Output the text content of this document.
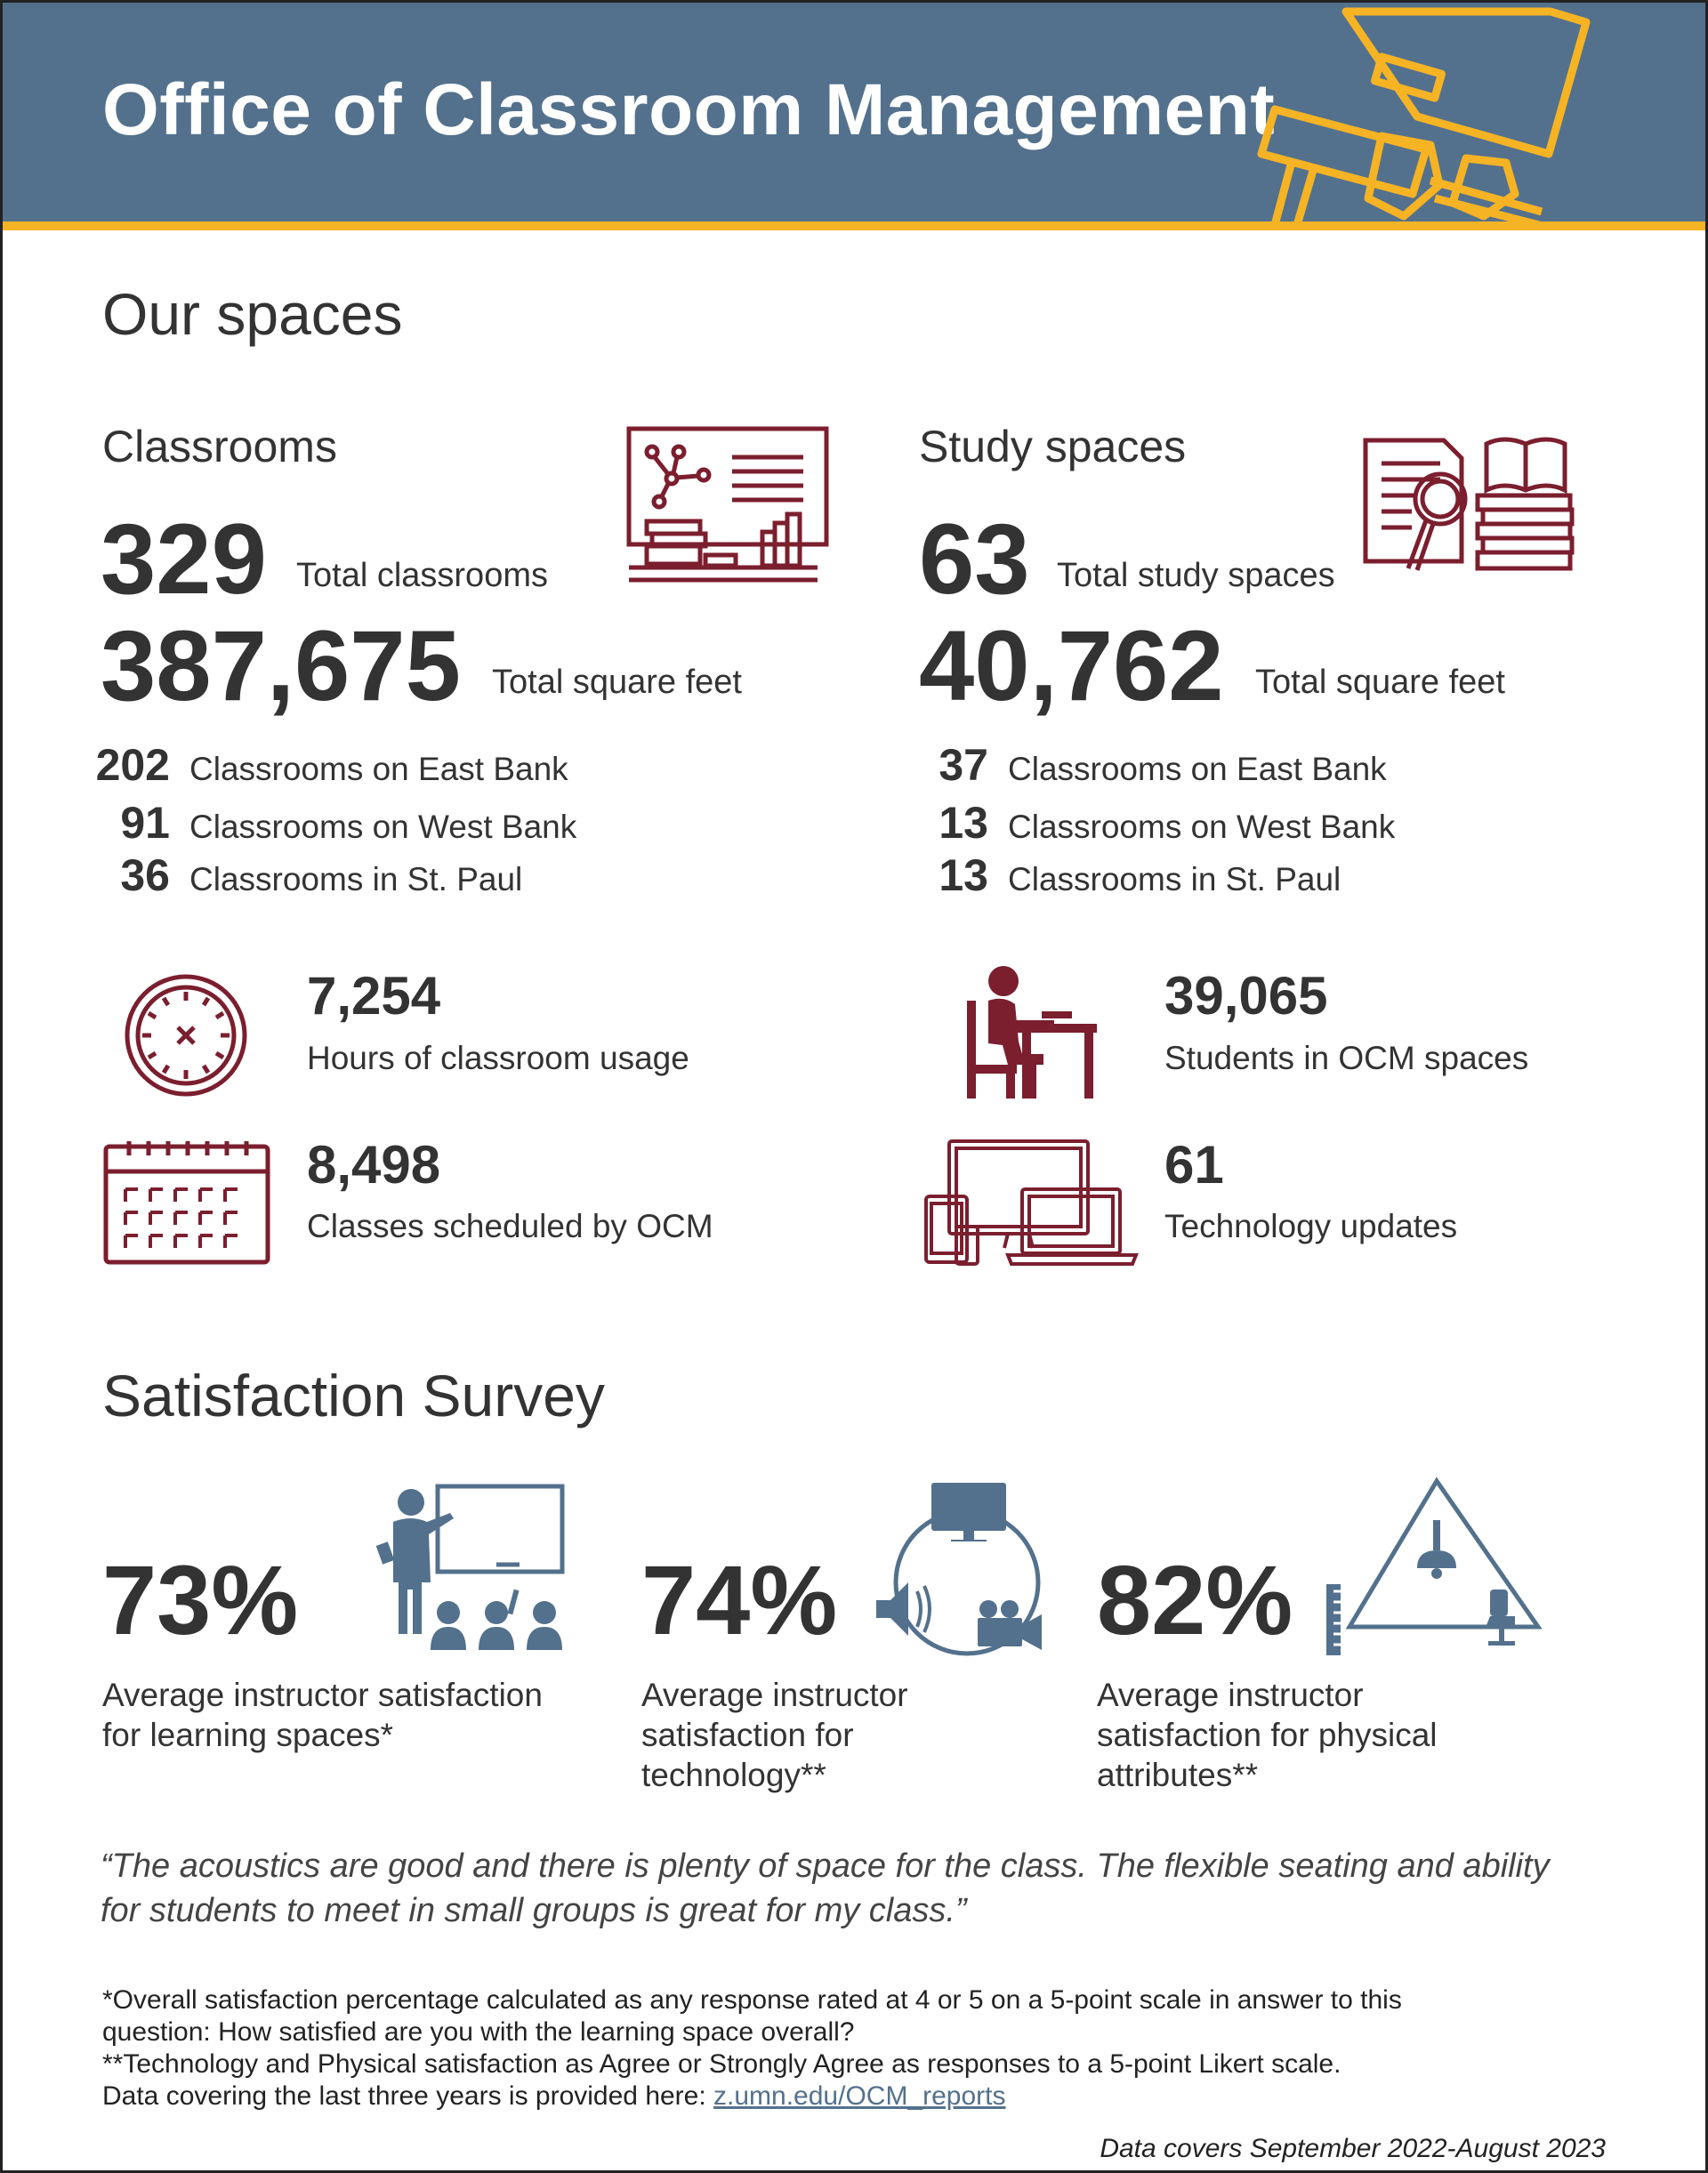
Office of Classroom Management
Our spaces
Classrooms
329 Total classrooms
387,675 Total square feet
202 Classrooms on East Bank
91 Classrooms on West Bank
36 Classrooms in St. Paul
Study spaces
63 Total study spaces
40,762 Total square feet
37 Classrooms on East Bank
13 Classrooms on West Bank
13 Classrooms in St. Paul
7,254
Hours of classroom usage
39,065
Students in OCM spaces
8,498
Classes scheduled by OCM
61
Technology updates
Satisfaction Survey
73%
Average instructor satisfaction
for learning spaces*
74%
Average instructor
satisfaction for
technology**
82%
Average instructor
satisfaction for physical
attributes**
“The acoustics are good and there is plenty of space for the class. The flexible seating and ability
for students to meet in small groups is great for my class.”
*Overall satisfaction percentage calculated as any response rated at 4 or 5 on a 5-point scale in answer to this
question: How satisfied are you with the learning space overall?
**Technology and Physical satisfaction as Agree or Strongly Agree as responses to a 5-point Likert scale.
Data covering the last three years is provided here: z.umn.edu/OCM_reports
Data covers September 2022-August 2023
